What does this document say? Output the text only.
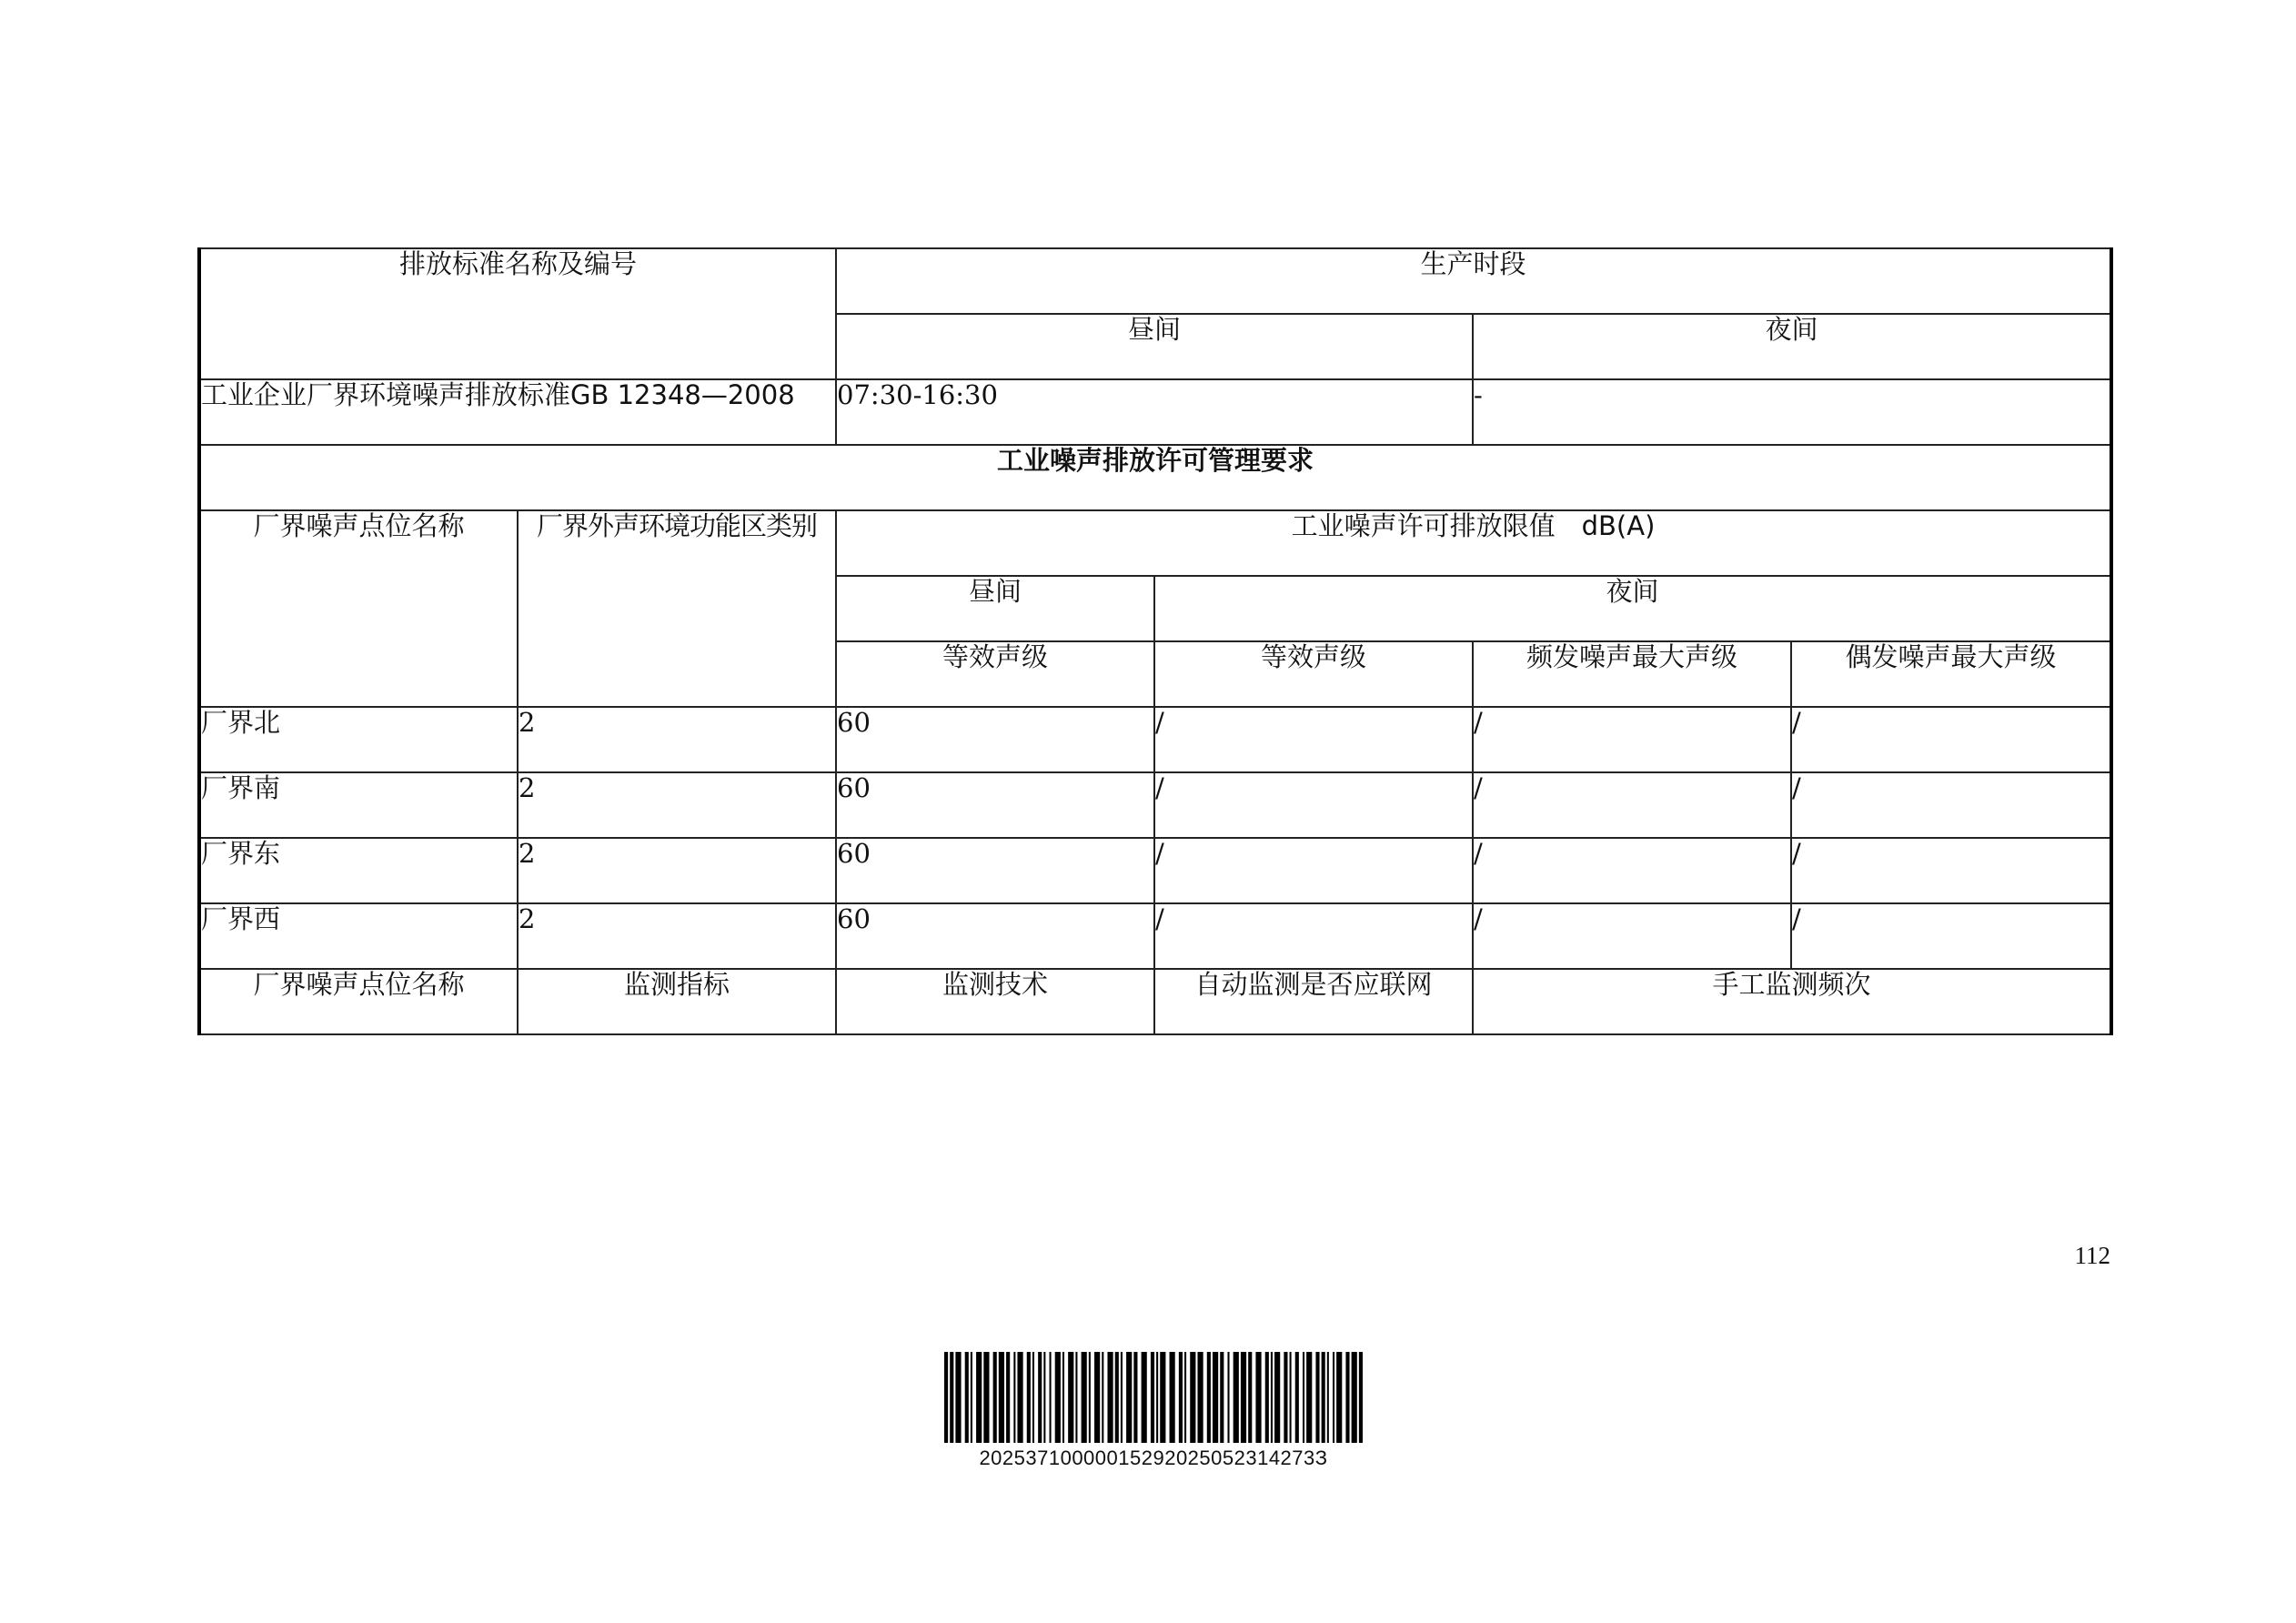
排放标准名称及编号		生产时段			
		昼间		夜间	
工业企业厂界环境噪声排放标准GB 12348—2008		07:30-16:30		-	
工业噪声排放许可管理要求					
厂界噪声点位名称	厂界外声环境功能区类别	工业噪声许可排放限值　dB(A)			
		昼间	夜间		
		等效声级	等效声级	频发噪声最大声级	偶发噪声最大声级
厂界北	2	60	/	/	/
厂界南	2	60	/	/	/
厂界东	2	60	/	/	/
厂界西	2	60	/	/	/
厂界噪声点位名称	监测指标	监测技术	自动监测是否应联网	手工监测频次	
112
20253710000015292025052314273З
